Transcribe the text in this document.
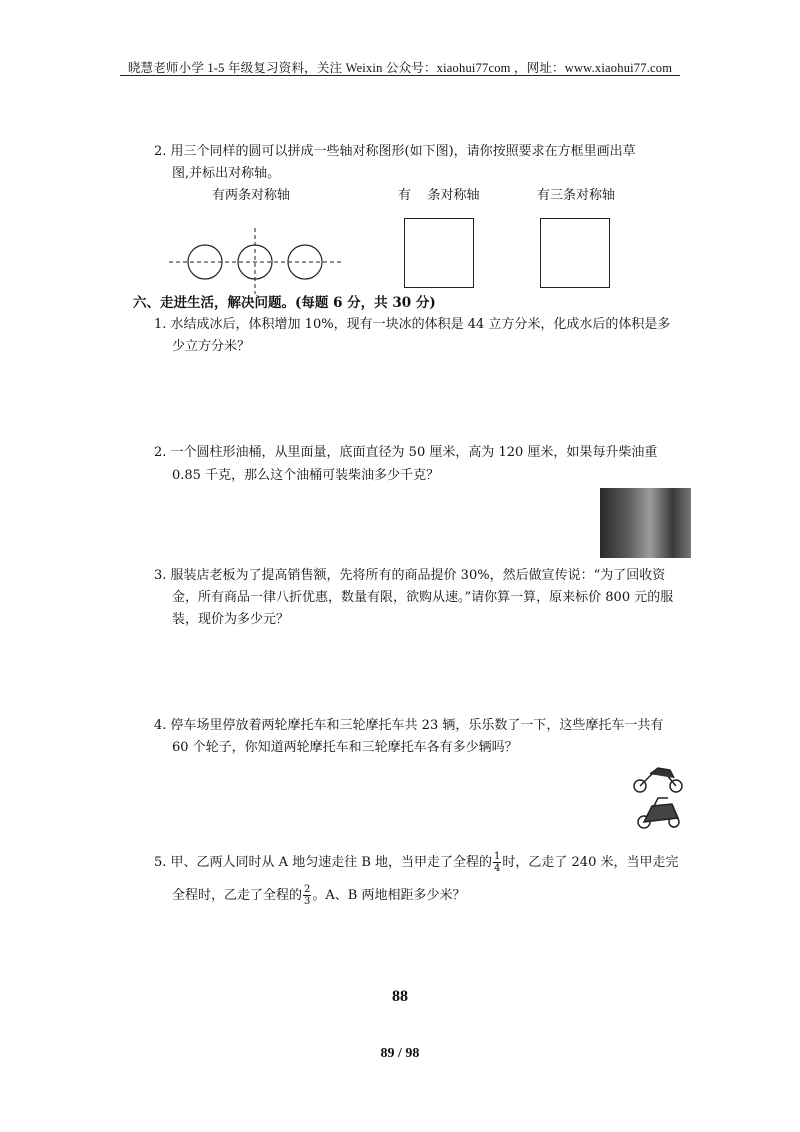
晓慧老师小学 1-5 年级复习资料，关注 Weixin 公众号：xiaohui77com ，网址：www.xiaohui77.com
2. 用三个同样的圆可以拼成一些轴对称图形(如下图)，请你按照要求在方框里画出草
图,并标出对称轴。
有两条对称轴	有    条对称轴	有三条对称轴
六、走进生活，解决问题。(每题 6 分，共 30 分)
1. 水结成冰后，体积增加 10%，现有一块冰的体积是 44 立方分米，化成水后的体积是多
少立方分米？
2. 一个圆柱形油桶，从里面量，底面直径为 50 厘米，高为 120 厘米，如果每升柴油重
0.85 千克，那么这个油桶可装柴油多少千克？
3. 服装店老板为了提高销售额，先将所有的商品提价 30%，然后做宣传说：“为了回收资
金，所有商品一律八折优惠，数量有限，欲购从速。”请你算一算，原来标价 800 元的服
装，现价为多少元？
4. 停车场里停放着两轮摩托车和三轮摩托车共 23 辆，乐乐数了一下，这些摩托车一共有
60 个轮子，你知道两轮摩托车和三轮摩托车各有多少辆吗？
5. 甲、乙两人同时从 A 地匀速走往 B 地，当甲走了全程的 $\frac{1}{4}$ 时，乙走了 240 米，当甲走完
全程时，乙走了全程的 $\frac{2}{3}$ 。A、B 两地相距多少米？
88
89 / 98
